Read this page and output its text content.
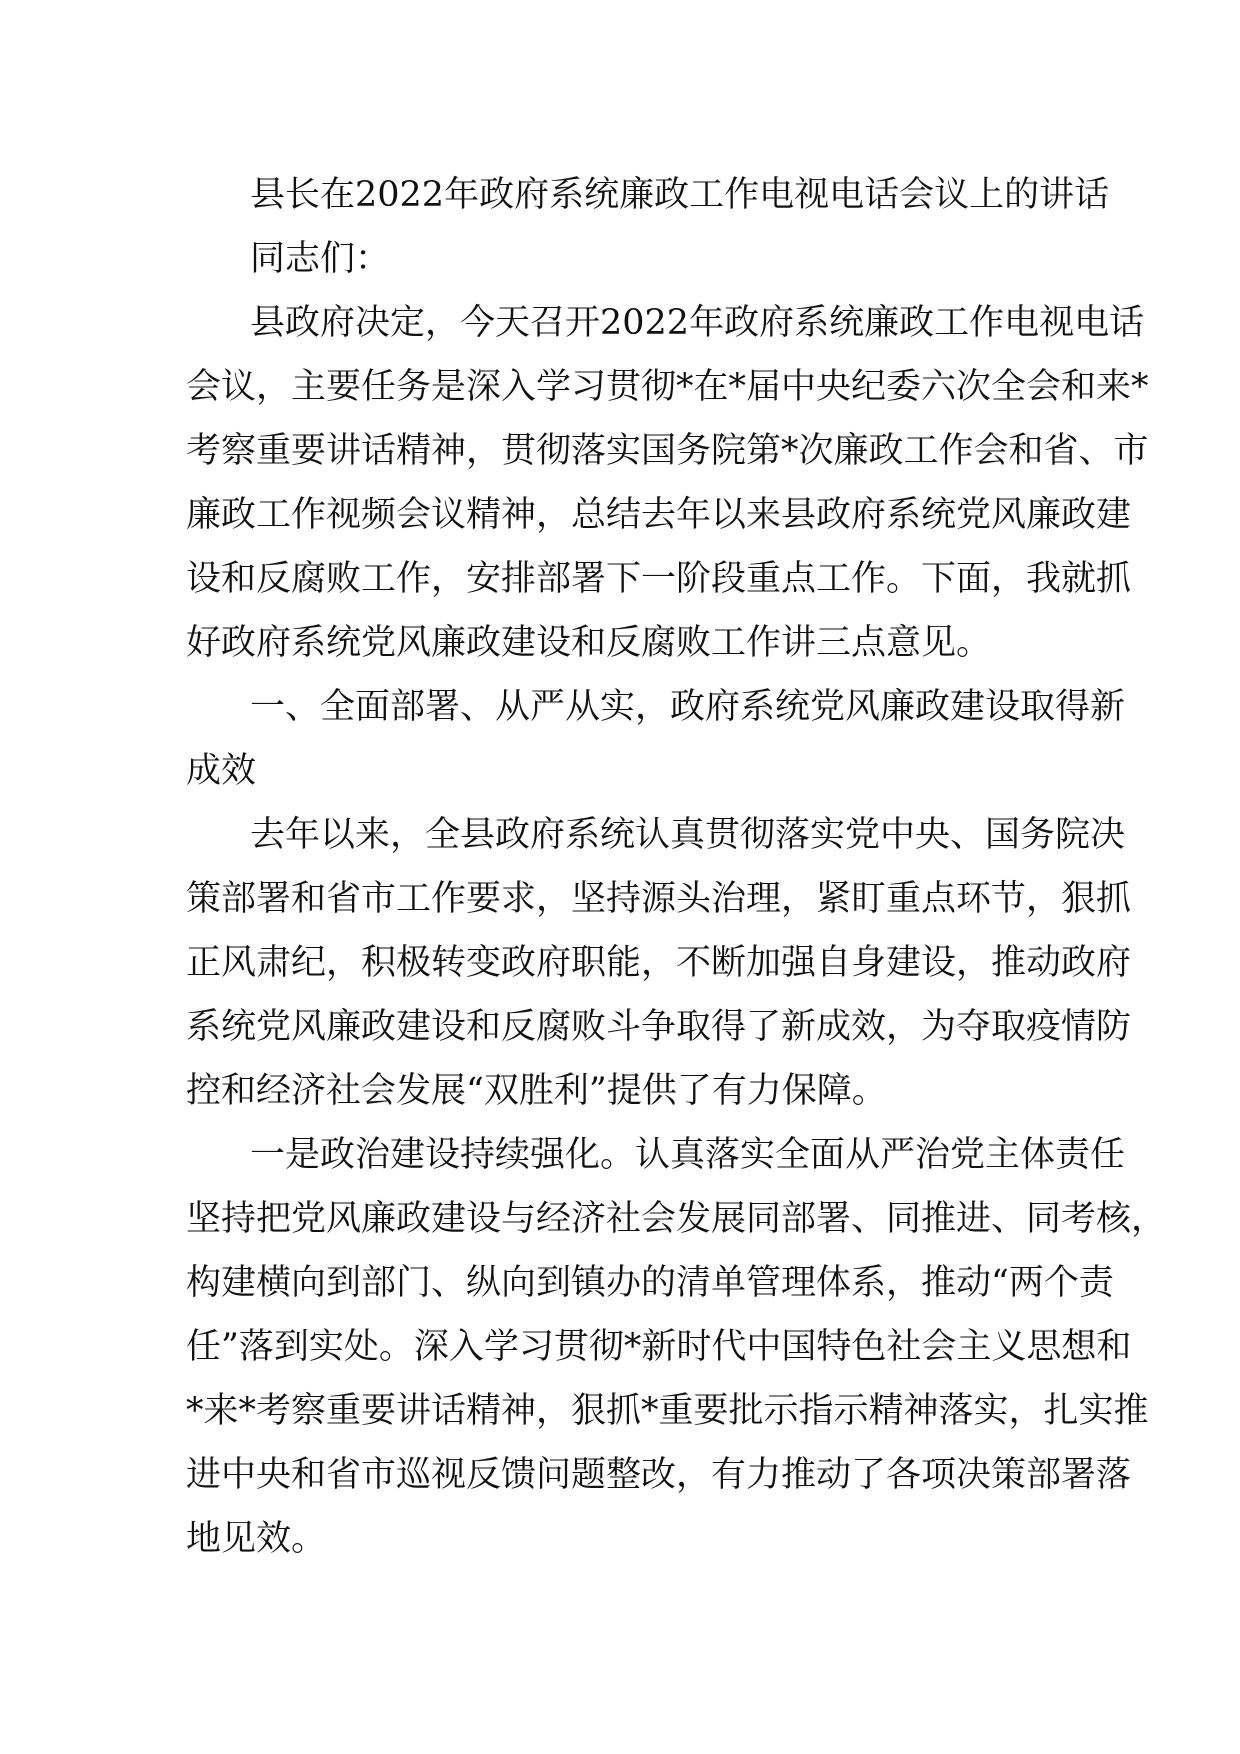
县长在2022年政府系统廉政工作电视电话会议上的讲话
同志们：
县政府决定，今天召开2022年政府系统廉政工作电视电话
会议，主要任务是深入学习贯彻*在*届中央纪委六次全会和来*
考察重要讲话精神，贯彻落实国务院第*次廉政工作会和省、市
廉政工作视频会议精神，总结去年以来县政府系统党风廉政建
设和反腐败工作，安排部署下一阶段重点工作。下面，我就抓
好政府系统党风廉政建设和反腐败工作讲三点意见。
一、全面部署、从严从实，政府系统党风廉政建设取得新
成效
去年以来，全县政府系统认真贯彻落实党中央、国务院决
策部署和省市工作要求，坚持源头治理，紧盯重点环节，狠抓
正风肃纪，积极转变政府职能，不断加强自身建设，推动政府
系统党风廉政建设和反腐败斗争取得了新成效，为夺取疫情防
控和经济社会发展“双胜利”提供了有力保障。
一是政治建设持续强化。认真落实全面从严治党主体责任
坚持把党风廉政建设与经济社会发展同部署、同推进、同考核，
构建横向到部门、纵向到镇办的清单管理体系，推动“两个责
任”落到实处。深入学习贯彻*新时代中国特色社会主义思想和
*来*考察重要讲话精神，狠抓*重要批示指示精神落实，扎实推
进中央和省市巡视反馈问题整改，有力推动了各项决策部署落
地见效。
